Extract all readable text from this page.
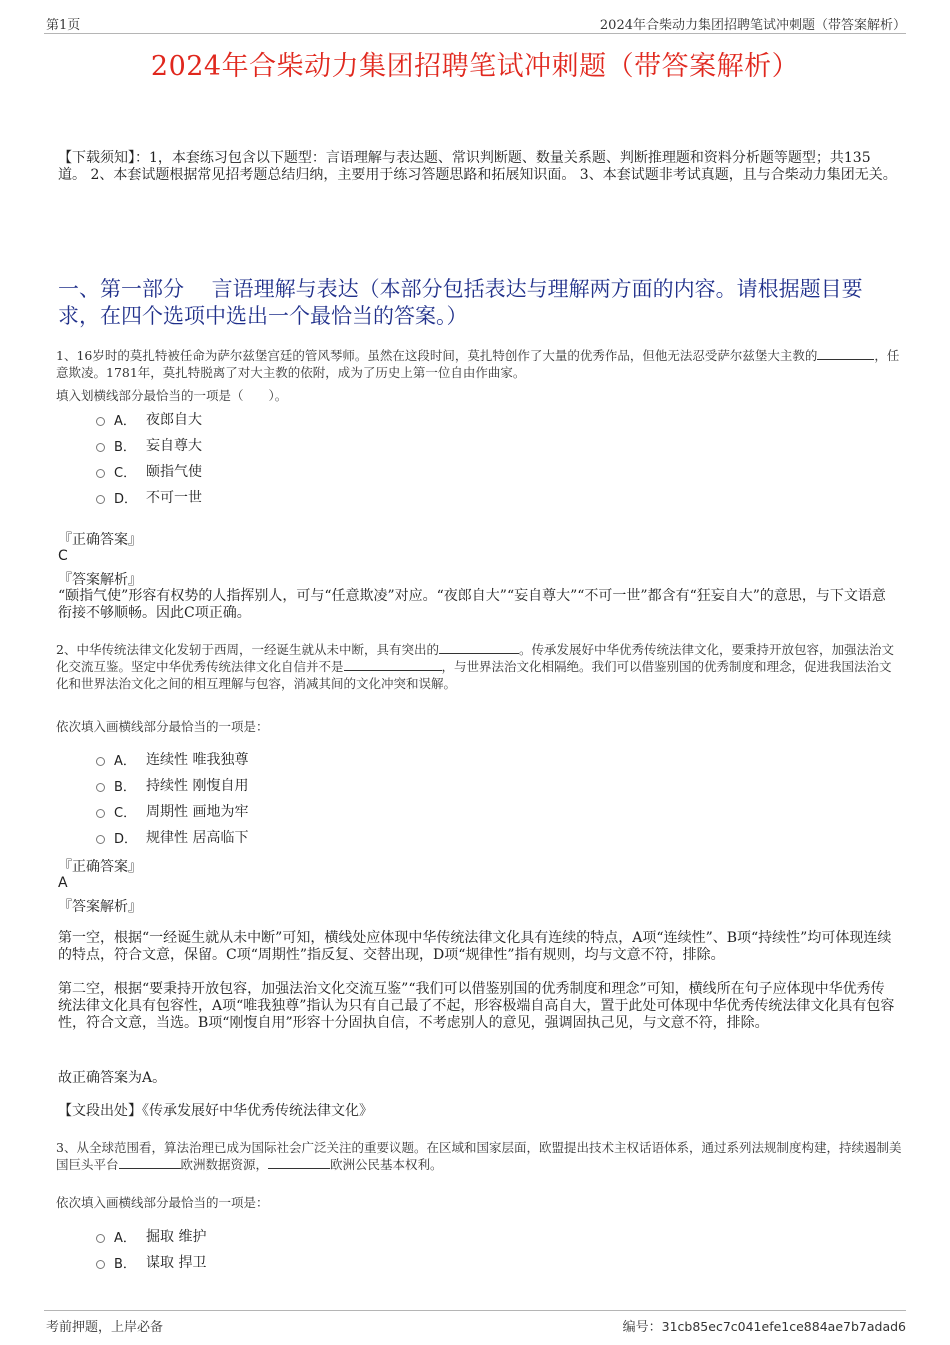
第1页	2024年合柴动力集团招聘笔试冲刺题（带答案解析）
2024年合柴动力集团招聘笔试冲刺题（带答案解析）
【下载须知】：1，本套练习包含以下题型：言语理解与表达题、常识判断题、数量关系题、判断推理题和资料分析题等题型；共135道。 2、本套试题根据常见招考题总结归纳，主要用于练习答题思路和拓展知识面。 3、本套试题非考试真题，且与合柴动力集团无关。
一、第一部分　 言语理解与表达（本部分包括表达与理解两方面的内容。请根据题目要求，在四个选项中选出一个最恰当的答案。）
1、16岁时的莫扎特被任命为萨尔兹堡宫廷的管风琴师。虽然在这段时间，莫扎特创作了大量的优秀作品，但他无法忍受萨尔兹堡大主教的	，任意欺凌。1781年，莫扎特脱离了对大主教的依附，成为了历史上第一位自由作曲家。
填入划横线部分最恰当的一项是（　　）。
A． 夜郎自大
B． 妄自尊大
C． 颐指气使
D． 不可一世
『正确答案』
C
『答案解析』
“颐指气使”形容有权势的人指挥别人，可与“任意欺凌”对应。“夜郎自大”“妄自尊大”“不可一世”都含有“狂妄自大”的意思，与下文语意衔接不够顺畅。因此C项正确。
2、中华传统法律文化发轫于西周，一经诞生就从未中断，具有突出的	。传承发展好中华优秀传统法律文化，要秉持开放包容，加强法治文化交流互鉴。坚定中华优秀传统法律文化自信并不是	，与世界法治文化相隔绝。我们可以借鉴别国的优秀制度和理念，促进我国法治文化和世界法治文化之间的相互理解与包容，消减其间的文化冲突和误解。
依次填入画横线部分最恰当的一项是：
A． 连续性 唯我独尊
B． 持续性 刚愎自用
C． 周期性 画地为牢
D． 规律性 居高临下
『正确答案』
A
『答案解析』
第一空，根据“一经诞生就从未中断”可知，横线处应体现中华传统法律文化具有连续的特点，A项“连续性”、B项“持续性”均可体现连续的特点，符合文意，保留。C项“周期性”指反复、交替出现，D项“规律性”指有规则，均与文意不符，排除。
第二空，根据“要秉持开放包容，加强法治文化交流互鉴”“我们可以借鉴别国的优秀制度和理念”可知，横线所在句子应体现中华优秀传统法律文化具有包容性，A项“唯我独尊”指认为只有自己最了不起，形容极端自高自大，置于此处可体现中华优秀传统法律文化具有包容性，符合文意，当选。B项“刚愎自用”形容十分固执自信，不考虑别人的意见，强调固执己见，与文意不符，排除。
故正确答案为A。
【文段出处】《传承发展好中华优秀传统法律文化》
3、从全球范围看，算法治理已成为国际社会广泛关注的重要议题。在区域和国家层面，欧盟提出技术主权话语体系，通过系列法规制度构建，持续遏制美国巨头平台	欧洲数据资源，	欧洲公民基本权利。
依次填入画横线部分最恰当的一项是：
A． 掘取 维护
B． 谋取 捍卫
考前押题，上岸必备	编号：31cb85ec7c041efe1ce884ae7b7adad6
